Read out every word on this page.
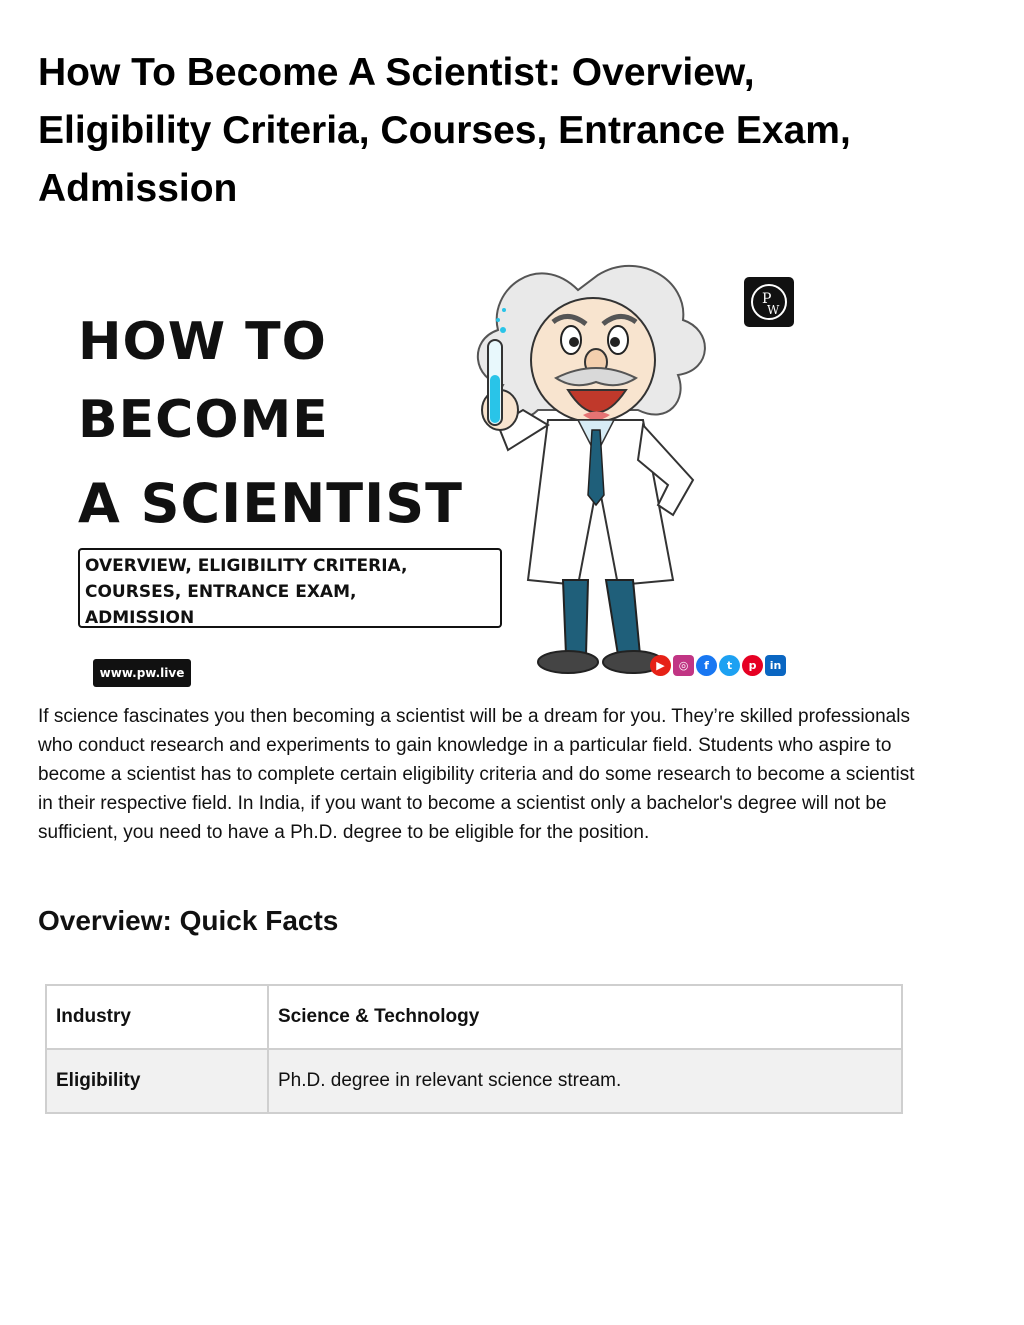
How To Become A Scientist: Overview, Eligibility Criteria, Courses, Entrance Exam, Admission

HOW TO

BECOME

A SCIENTIST

OVERVIEW, ELIGIBILITY CRITERIA,
COURSES, ENTRANCE EXAM,
ADMISSION
www.pw.live
P
W
▶	◎	f	t	p	in

If science fascinates you then becoming a scientist will be a dream for you. They’re skilled professionals who conduct research and experiments to gain knowledge in a particular field. Students who aspire to become a scientist has to complete certain eligibility criteria and do some research to become a scientist in their respective field. In India, if you want to become a scientist only a bachelor's degree will not be sufficient, you need to have a Ph.D. degree to be eligible for the position.

Overview: Quick Facts
Industry	Science & Technology
Eligibility	Ph.D. degree in relevant science stream.
